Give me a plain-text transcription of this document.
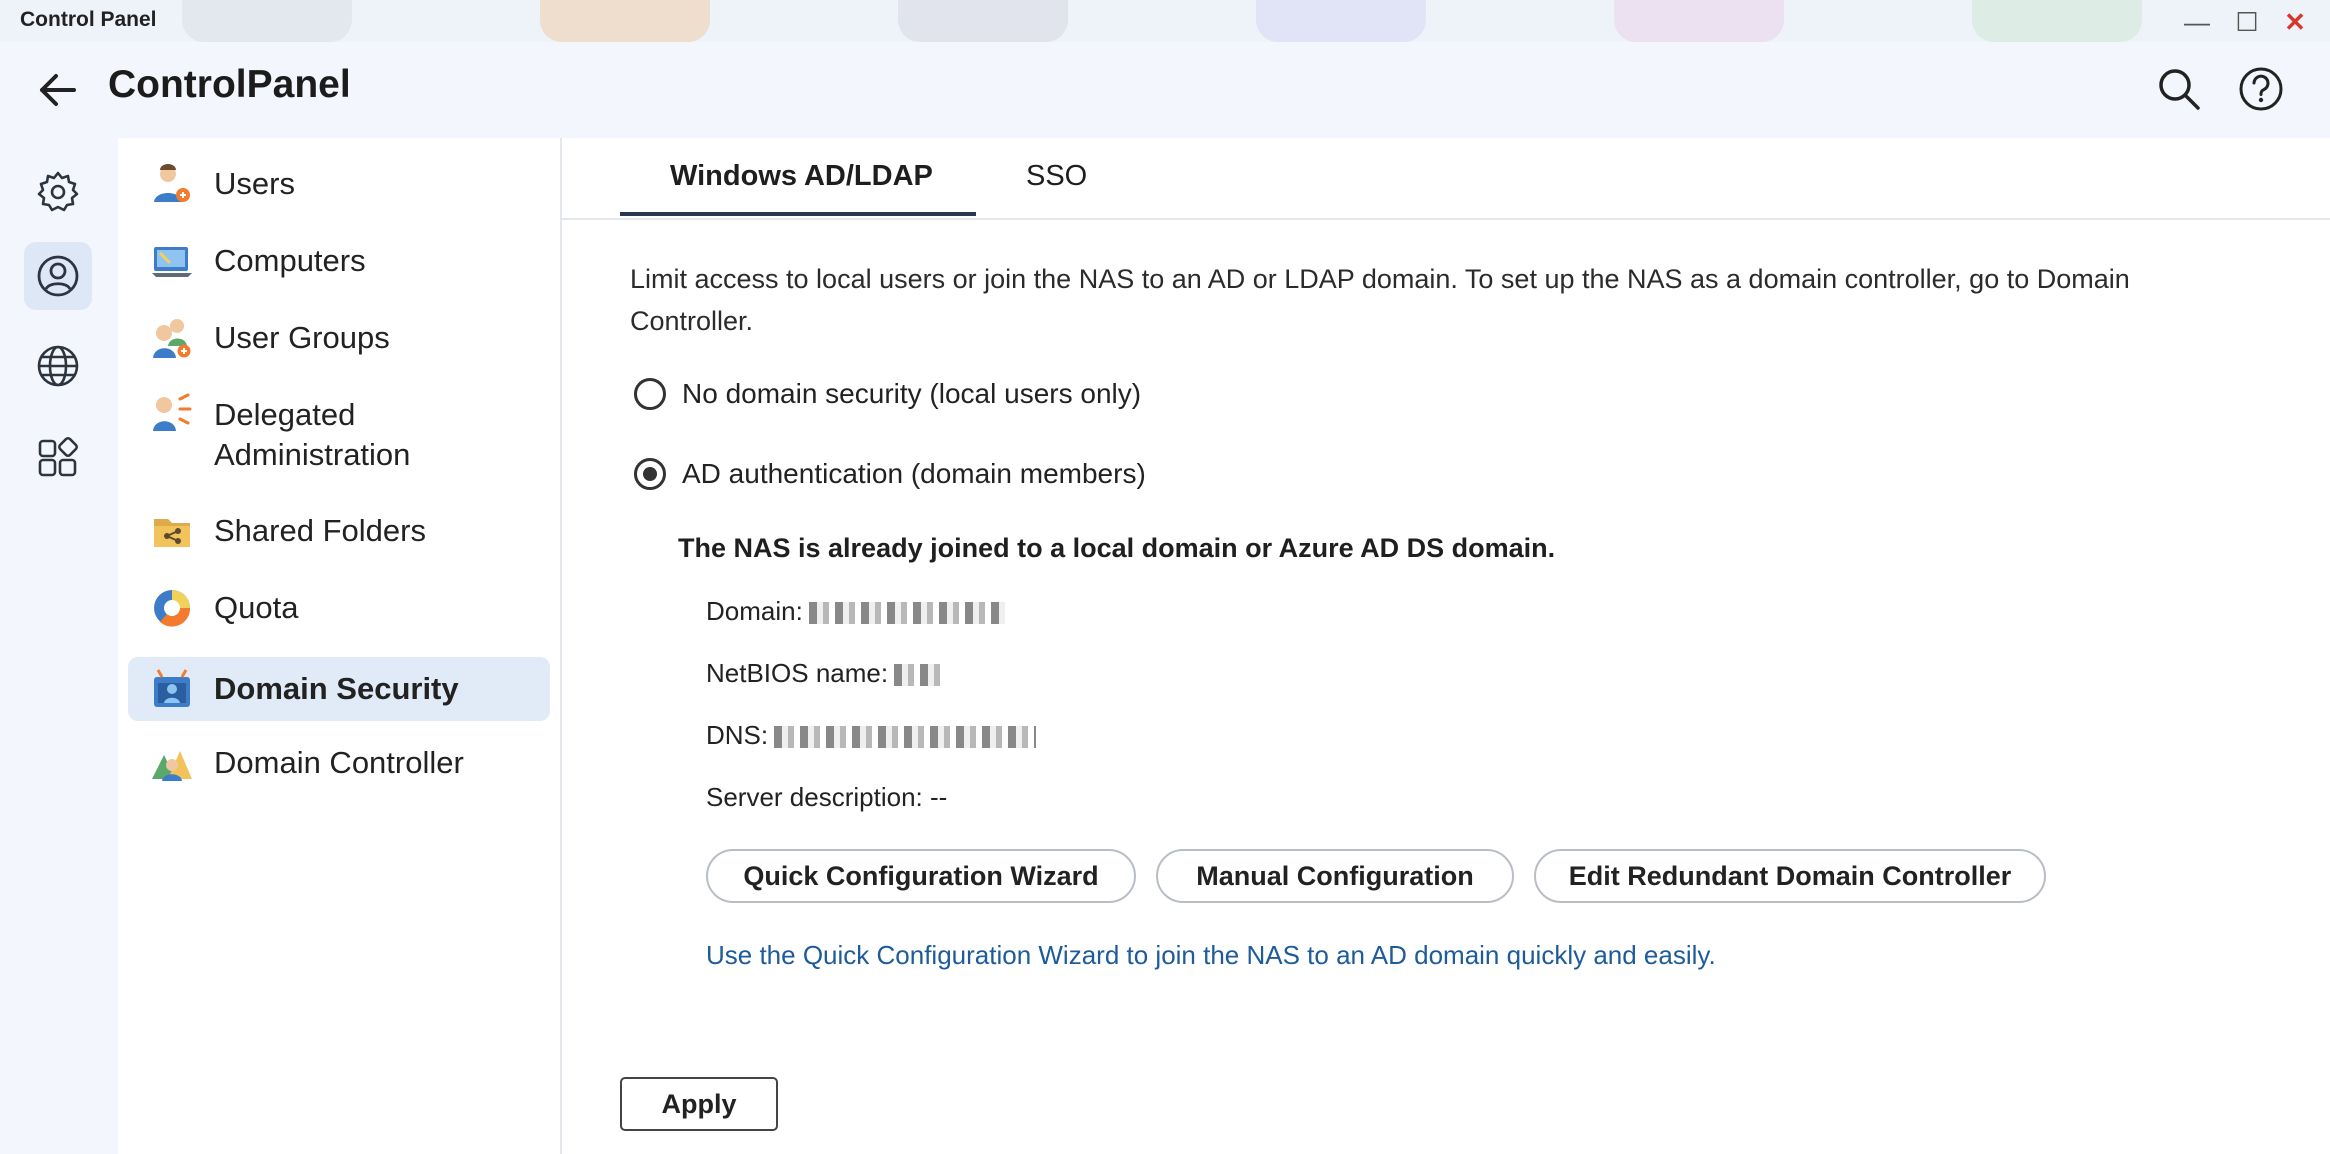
Control Panel	— ☐ ✕
ControlPanel
Users
Computers
User Groups
Delegated Administration
Shared Folders
Quota
Domain Security
Domain Controller
Windows AD/LDAP	SSO
Limit access to local users or join the NAS to an AD or LDAP domain. To set up the NAS as a domain controller, go to Domain Controller.
No domain security (local users only)
AD authentication (domain members)
The NAS is already joined to a local domain or Azure AD DS domain.
Domain:
NetBIOS name:
DNS:
Server description: --
Quick Configuration Wizard	Manual Configuration	Edit Redundant Domain Controller
Use the Quick Configuration Wizard to join the NAS to an AD domain quickly and easily.
Apply
